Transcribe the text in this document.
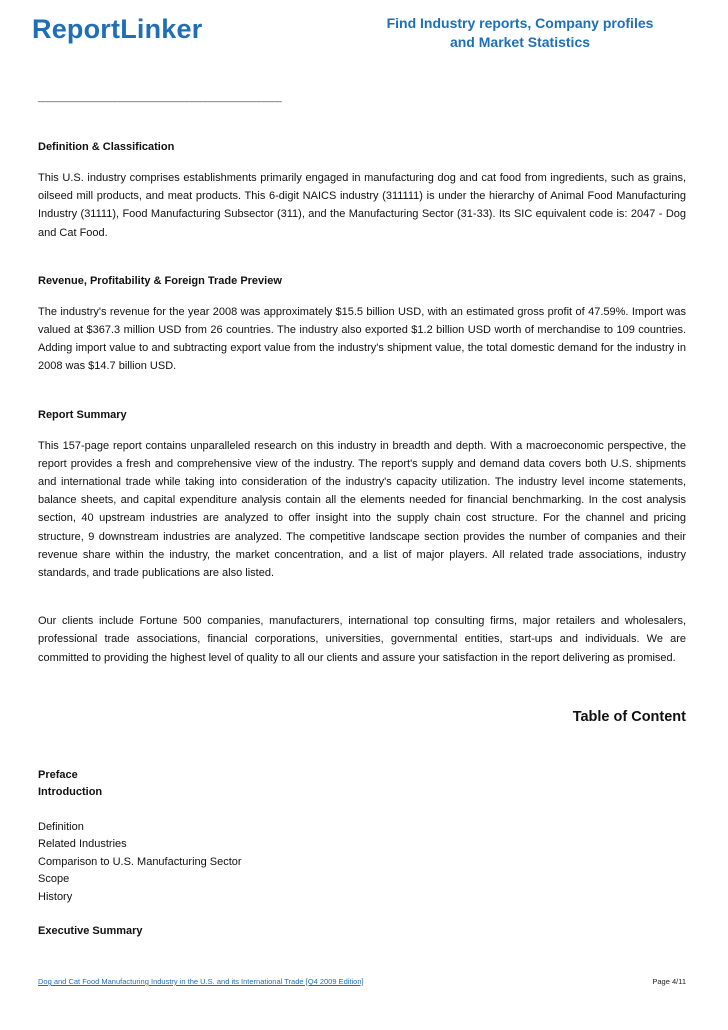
ReportLinker	Find Industry reports, Company profiles
and Market Statistics
______________________________________________________
Definition & Classification

This U.S. industry comprises establishments primarily engaged in manufacturing dog and cat food from ingredients, such as grains, oilseed mill products, and meat products. This 6-digit NAICS industry (311111) is under the hierarchy of Animal Food Manufacturing Industry (31111), Food Manufacturing Subsector (311), and the Manufacturing Sector (31-33). Its SIC equivalent code is: 2047 - Dog and Cat Food.

Revenue, Profitability & Foreign Trade Preview

The industry's revenue for the year 2008 was approximately $15.5 billion USD, with an estimated gross profit of 47.59%. Import was valued at $367.3 million USD from 26 countries. The industry also exported $1.2 billion USD worth of merchandise to 109 countries. Adding import value to and subtracting export value from the industry's shipment value, the total domestic demand for the industry in 2008 was $14.7 billion USD.

Report Summary

This 157-page report contains unparalleled research on this industry in breadth and depth. With a macroeconomic perspective, the report provides a fresh and comprehensive view of the industry. The report's supply and demand data covers both U.S. shipments and international trade while taking into consideration of the industry's capacity utilization. The industry level income statements, balance sheets, and capital expenditure analysis contain all the elements needed for financial benchmarking. In the cost analysis section, 40 upstream industries are analyzed to offer insight into the supply chain cost structure. For the channel and pricing structure, 9 downstream industries are analyzed. The competitive landscape section provides the number of companies and their revenue share within the industry, the market concentration, and a list of major players. All related trade associations, industry standards, and trade publications are also listed.

Our clients include Fortune 500 companies, manufacturers, international top consulting firms, major retailers and wholesalers, professional trade associations, financial corporations, universities, governmental entities, start-ups and individuals. We are committed to providing the highest level of quality to all our clients and assure your satisfaction in the report delivering as promised.

Table of Content
Preface
Introduction
Definition
Related Industries
Comparison to U.S. Manufacturing Sector
Scope
History
Executive Summary
Dog and Cat Food Manufacturing Industry in the U.S. and its International Trade [Q4 2009 Edition]	Page 4/11
